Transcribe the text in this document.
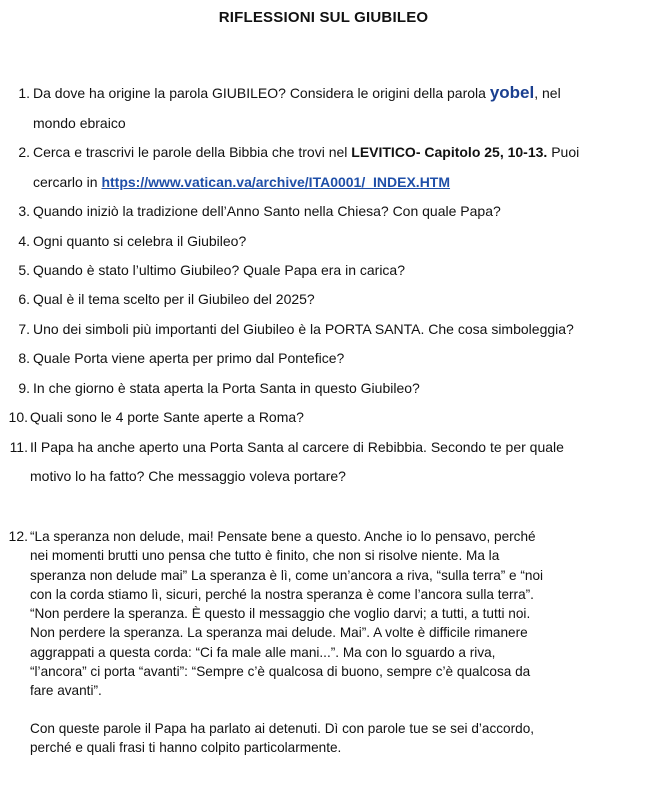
RIFLESSIONI SUL GIUBILEO
1. Da dove ha origine la parola GIUBILEO? Considera le origini della parola yobel, nel
mondo ebraico
2. Cerca e trascrivi le parole della Bibbia che trovi nel LEVITICO- Capitolo 25, 10-13. Puoi
cercarlo in https://www.vatican.va/archive/ITA0001/_INDEX.HTM
3. Quando iniziò la tradizione dell’Anno Santo nella Chiesa? Con quale Papa?
4. Ogni quanto si celebra il Giubileo?
5. Quando è stato l’ultimo Giubileo? Quale Papa era in carica?
6. Qual è il tema scelto per il Giubileo del 2025?
7. Uno dei simboli più importanti del Giubileo è la PORTA SANTA. Che cosa simboleggia?
8. Quale Porta viene aperta per primo dal Pontefice?
9. In che giorno è stata aperta la Porta Santa in questo Giubileo?
10. Quali sono le 4 porte Sante aperte a Roma?
11. Il Papa ha anche aperto una Porta Santa al carcere di Rebibbia. Secondo te per quale
motivo lo ha fatto? Che messaggio voleva portare?
12. “La speranza non delude, mai! Pensate bene a questo. Anche io lo pensavo, perché
nei momenti brutti uno pensa che tutto è finito, che non si risolve niente. Ma la
speranza non delude mai” La speranza è lì, come un’ancora a riva, “sulla terra” e “noi
con la corda stiamo lì, sicuri, perché la nostra speranza è come l’ancora sulla terra”.
“Non perdere la speranza. È questo il messaggio che voglio darvi; a tutti, a tutti noi.
Non perdere la speranza. La speranza mai delude. Mai”. A volte è difficile rimanere
aggrappati a questa corda: “Ci fa male alle mani...”. Ma con lo sguardo a riva,
“l’ancora” ci porta “avanti”: “Sempre c’è qualcosa di buono, sempre c’è qualcosa da
fare avanti”.
Con queste parole il Papa ha parlato ai detenuti. Dì con parole tue se sei d’accordo,
perché e quali frasi ti hanno colpito particolarmente.
